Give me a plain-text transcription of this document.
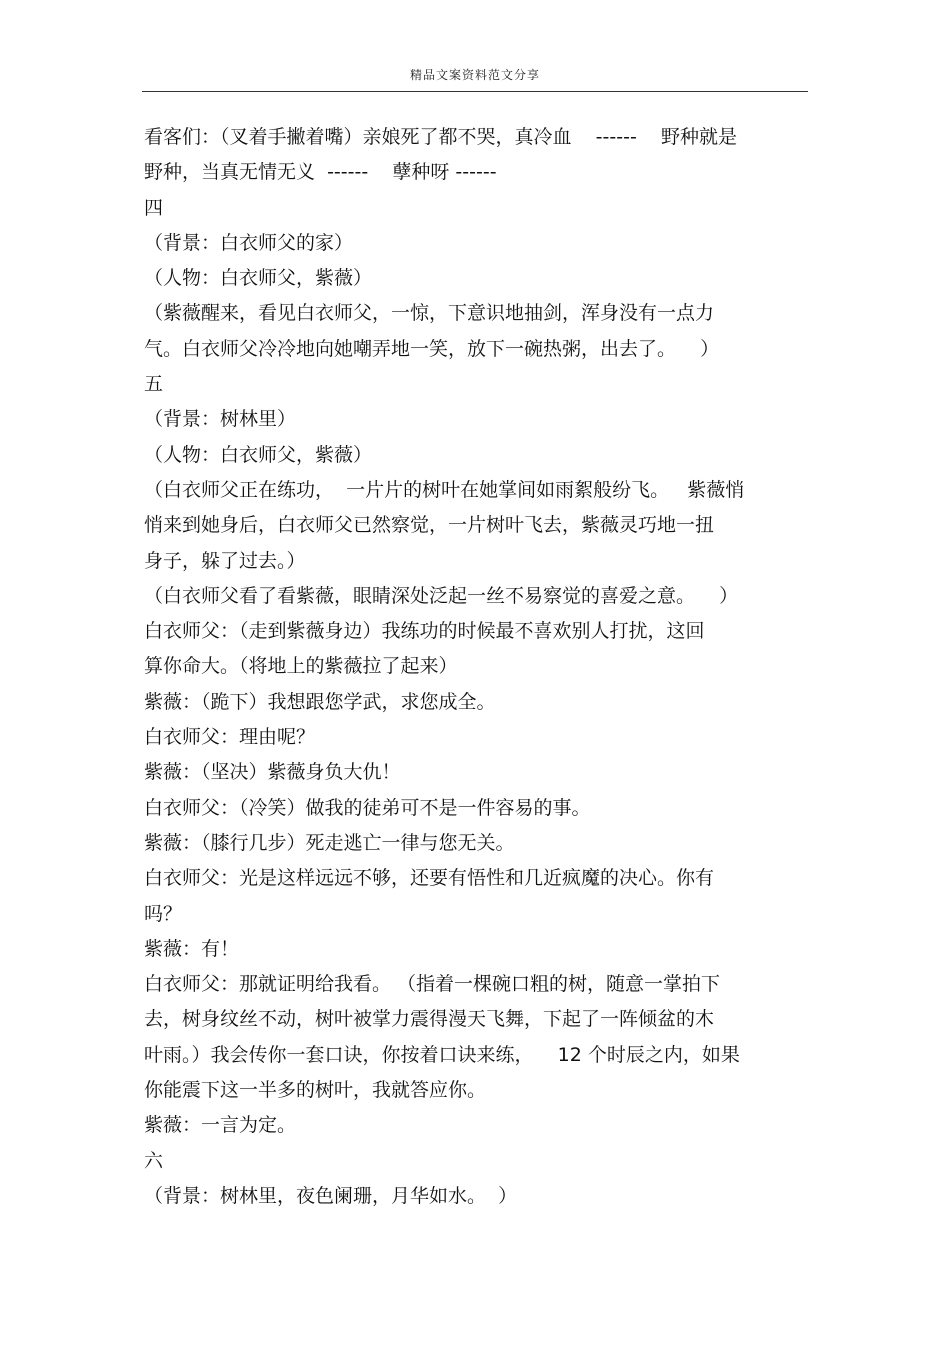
精品文案资料范文分享
看客们：（叉着手撇着嘴）亲娘死了都不哭，真冷血    ------    野种就是
野种，当真无情无义  ------    孽种呀 ------
四
（背景：白衣师父的家）
（人物：白衣师父，紫薇）
（紫薇醒来，看见白衣师父，一惊，下意识地抽剑，浑身没有一点力
气。白衣师父冷冷地向她嘲弄地一笑，放下一碗热粥，出去了。    ）
五
（背景：树林里）
（人物：白衣师父，紫薇）
（白衣师父正在练功，  一片片的树叶在她掌间如雨絮般纷飞。   紫薇悄
悄来到她身后，白衣师父已然察觉，一片树叶飞去，紫薇灵巧地一扭
身子，躲了过去。）
（白衣师父看了看紫薇，眼睛深处泛起一丝不易察觉的喜爱之意。    ）
白衣师父：（走到紫薇身边）我练功的时候最不喜欢别人打扰，这回
算你命大。（将地上的紫薇拉了起来）
紫薇：（跪下）我想跟您学武，求您成全。
白衣师父：理由呢？
紫薇：（坚决）紫薇身负大仇！
白衣师父：（冷笑）做我的徒弟可不是一件容易的事。
紫薇：（膝行几步）死走逃亡一律与您无关。
白衣师父：光是这样远远不够，还要有悟性和几近疯魔的决心。你有
吗？
紫薇：有！
白衣师父：那就证明给我看。 （指着一棵碗口粗的树，随意一掌拍下
去，树身纹丝不动，树叶被掌力震得漫天飞舞，下起了一阵倾盆的木
叶雨。）我会传你一套口诀，你按着口诀来练，    12 个时辰之内，如果
你能震下这一半多的树叶，我就答应你。
紫薇：一言为定。
六
（背景：树林里，夜色阑珊，月华如水。  ）
